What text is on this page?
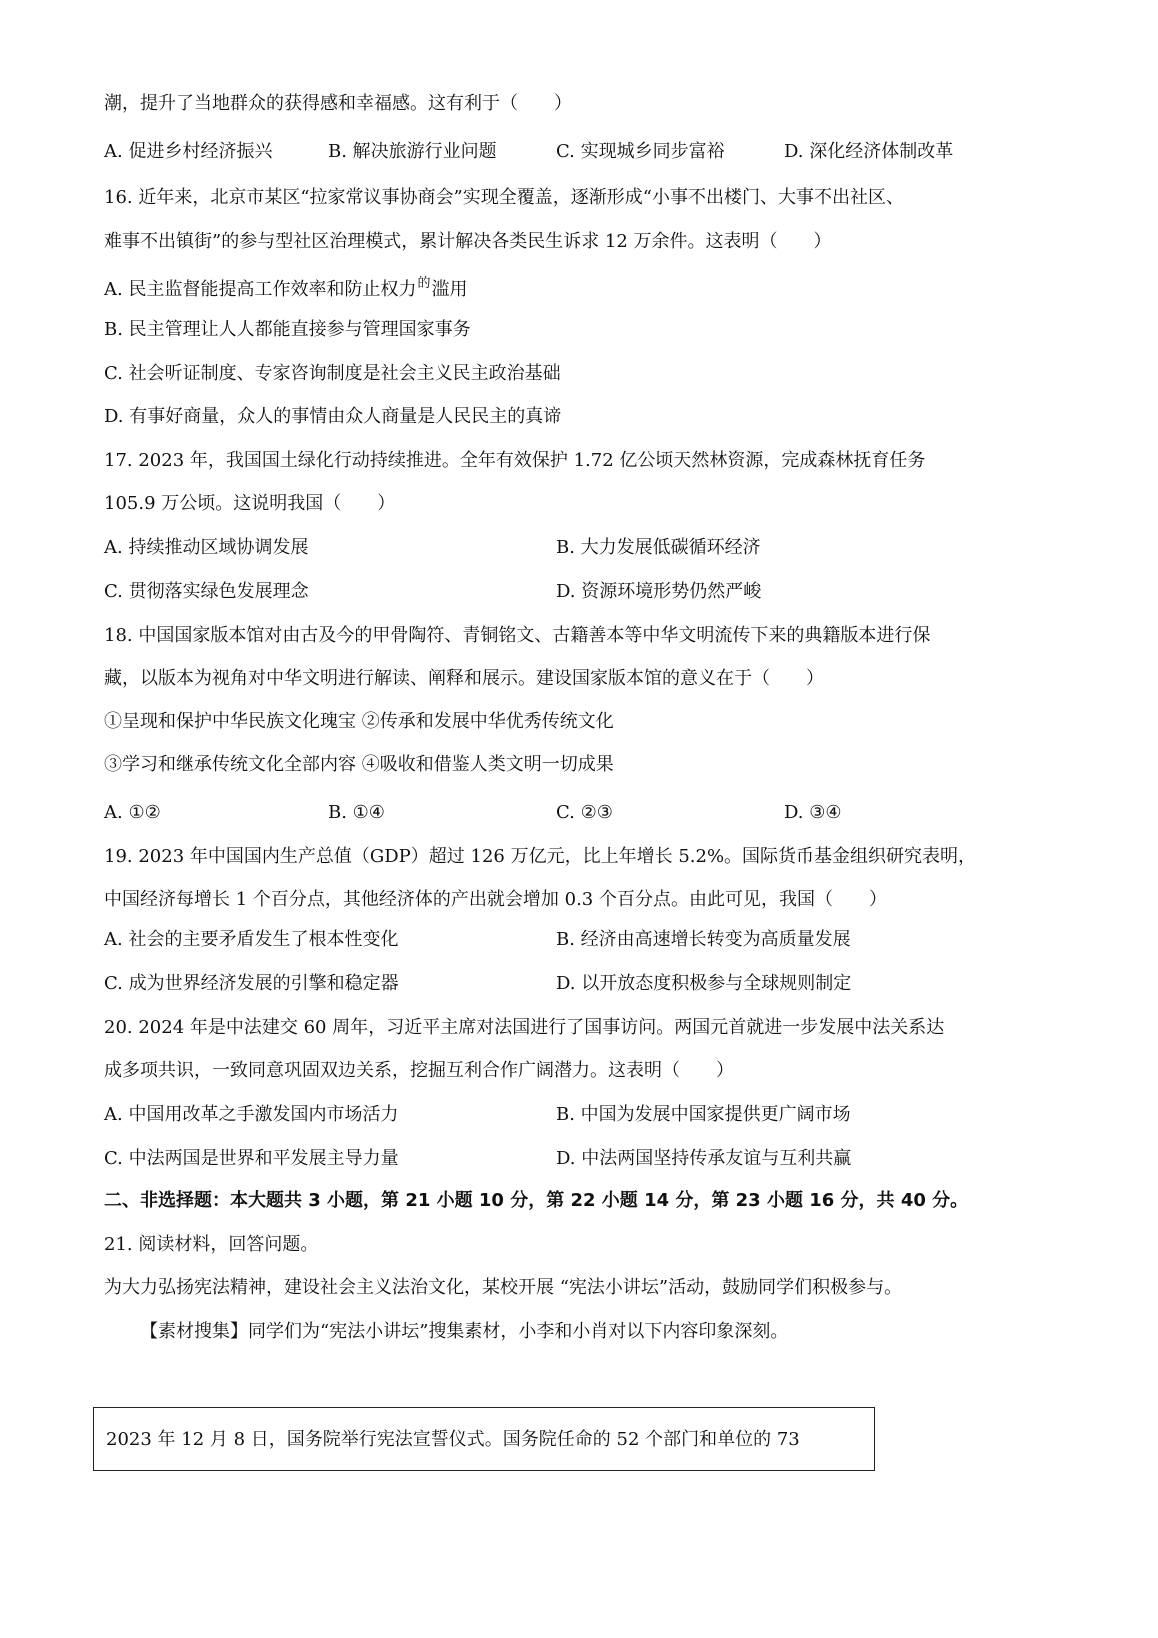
潮，提升了当地群众的获得感和幸福感。这有利于（　　）
A. 促进乡村经济振兴	B. 解决旅游行业问题	C. 实现城乡同步富裕	D. 深化经济体制改革
16. 近年来，北京市某区“拉家常议事协商会”实现全覆盖，逐渐形成“小事不出楼门、大事不出社区、
难事不出镇街”的参与型社区治理模式，累计解决各类民生诉求 12 万余件。这表明（　　）
A. 民主监督能提高工作效率和防止权力$^的$滥用
B. 民主管理让人人都能直接参与管理国家事务
C. 社会听证制度、专家咨询制度是社会主义民主政治基础
D. 有事好商量，众人的事情由众人商量是人民民主的真谛
17. 2023 年，我国国土绿化行动持续推进。全年有效保护 1.72 亿公顷天然林资源，完成森林抚育任务
105.9 万公顷。这说明我国（　　）
A. 持续推动区域协调发展	B. 大力发展低碳循环经济
C. 贯彻落实绿色发展理念	D. 资源环境形势仍然严峻
18. 中国国家版本馆对由古及今的甲骨陶符、青铜铭文、古籍善本等中华文明流传下来的典籍版本进行保
藏，以版本为视角对中华文明进行解读、阐释和展示。建设国家版本馆的意义在于（　　）
①呈现和保护中华民族文化瑰宝 ②传承和发展中华优秀传统文化
③学习和继承传统文化全部内容 ④吸收和借鉴人类文明一切成果
A. ①②	B. ①④	C. ②③	D. ③④
19. 2023 年中国国内生产总值（GDP）超过 126 万亿元，比上年增长 5.2%。国际货币基金组织研究表明，
中国经济每增长 1 个百分点，其他经济体的产出就会增加 0.3 个百分点。由此可见，我国（　　）
A. 社会的主要矛盾发生了根本性变化	B. 经济由高速增长转变为高质量发展
C. 成为世界经济发展的引擎和稳定器	D. 以开放态度积极参与全球规则制定
20. 2024 年是中法建交 60 周年，习近平主席对法国进行了国事访问。两国元首就进一步发展中法关系达
成多项共识，一致同意巩固双边关系，挖掘互利合作广阔潜力。这表明（　　）
A. 中国用改革之手激发国内市场活力	B. 中国为发展中国家提供更广阔市场
C. 中法两国是世界和平发展主导力量	D. 中法两国坚持传承友谊与互利共赢
二、非选择题：本大题共 3 小题，第 21 小题 10 分，第 22 小题 14 分，第 23 小题 16 分，共 40 分。
21. 阅读材料，回答问题。
为大力弘扬宪法精神，建设社会主义法治文化，某校开展 “宪法小讲坛”活动，鼓励同学们积极参与。
【素材搜集】同学们为“宪法小讲坛”搜集素材，小李和小肖对以下内容印象深刻。
2023 年 12 月 8 日，国务院举行宪法宣誓仪式。国务院任命的 52 个部门和单位的 73
